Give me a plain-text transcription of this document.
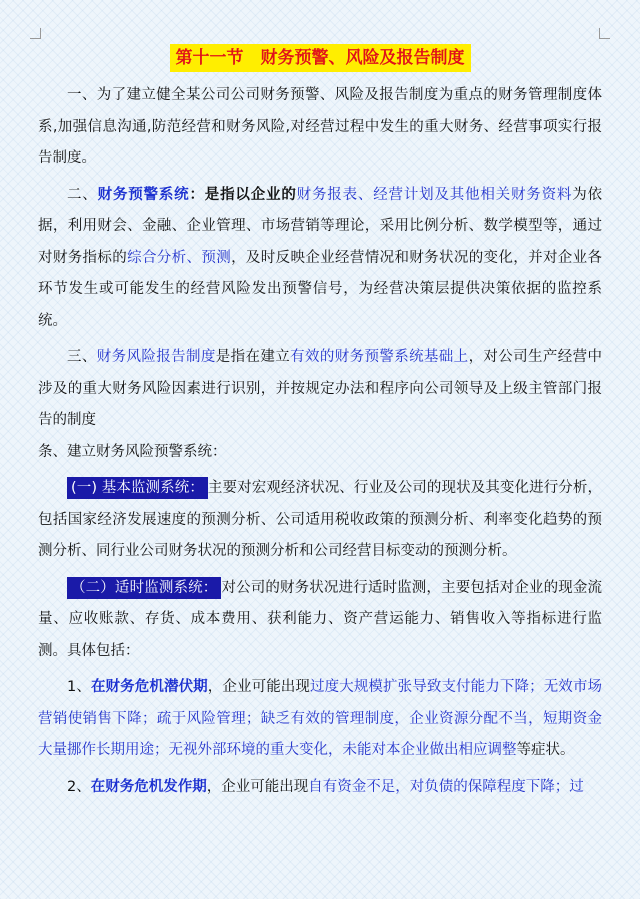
第十一节　财务预警、风险及报告制度

一、为了建立健全某公司公司财务预警、风险及报告制度为重点的财务管理制度体系,加强信息沟通,防范经营和财务风险,对经营过程中发生的重大财务、经营事项实行报告制度。

二、财务预警系统：是指以企业的财务报表、经营计划及其他相关财务资料为依据，利用财会、金融、企业管理、市场营销等理论，采用比例分析、数学模型等，通过对财务指标的综合分析、预测，及时反映企业经营情况和财务状况的变化，并对企业各环节发生或可能发生的经营风险发出预警信号，为经营决策层提供决策依据的监控系统。

三、财务风险报告制度是指在建立有效的财务预警系统基础上，对公司生产经营中涉及的重大财务风险因素进行识别，并按规定办法和程序向公司领导及上级主管部门报告的制度

条、建立财务风险预警系统：

(一) 基本监测系统： 主要对宏观经济状况、行业及公司的现状及其变化进行分析，包括国家经济发展速度的预测分析、公司适用税收政策的预测分析、利率变化趋势的预测分析、同行业公司财务状况的预测分析和公司经营目标变动的预测分析。

（二）适时监测系统： 对公司的财务状况进行适时监测，主要包括对企业的现金流量、应收账款、存货、成本费用、获利能力、资产营运能力、销售收入等指标进行监测。具体包括：

1、在财务危机潜伏期，企业可能出现过度大规模扩张导致支付能力下降；无效市场营销使销售下降；疏于风险管理；缺乏有效的管理制度，企业资源分配不当，短期资金大量挪作长期用途；无视外部环境的重大变化，未能对本企业做出相应调整等症状。

2、在财务危机发作期，企业可能出现自有资金不足，对负债的保障程度下降；过
